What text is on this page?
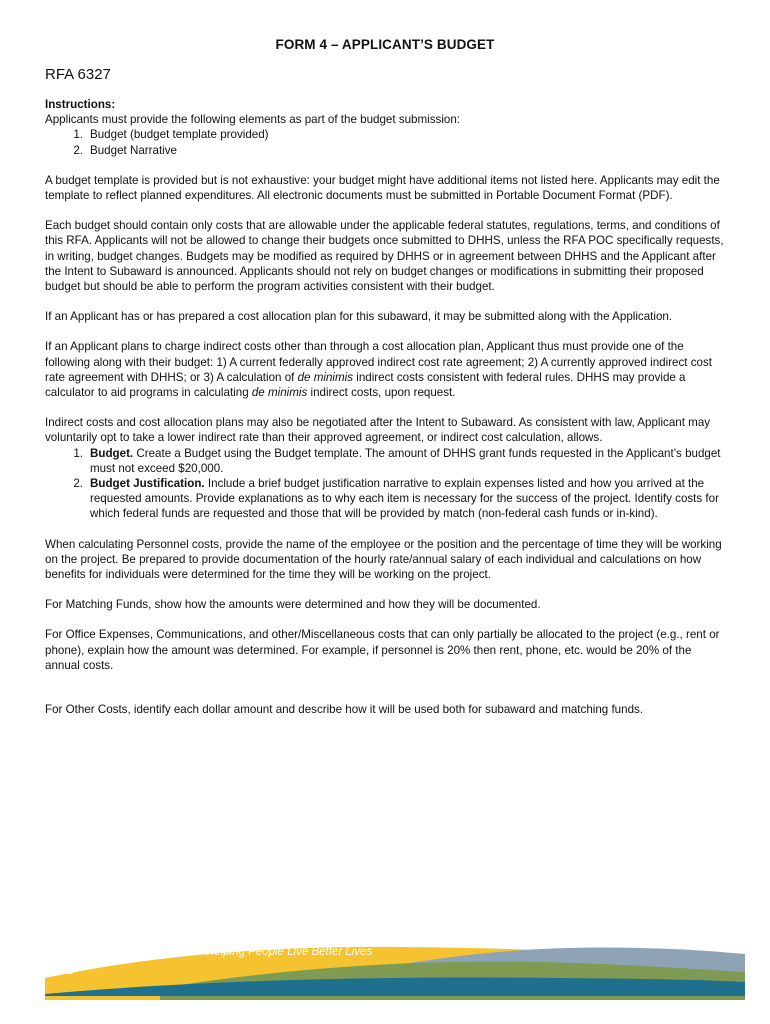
FORM 4 – APPLICANT’S BUDGET
RFA 6327

Instructions:

Applicants must provide the following elements as part of the budget submission:

1. Budget (budget template provided)
2. Budget Narrative

A budget template is provided but is not exhaustive: your budget might have additional items not listed here. Applicants may edit the template to reflect planned expenditures. All electronic documents must be submitted in Portable Document Format (PDF).

Each budget should contain only costs that are allowable under the applicable federal statutes, regulations, terms, and conditions of this RFA. Applicants will not be allowed to change their budgets once submitted to DHHS, unless the RFA POC specifically requests, in writing, budget changes. Budgets may be modified as required by DHHS or in agreement between DHHS and the Applicant after the Intent to Subaward is announced. Applicants should not rely on budget changes or modifications in submitting their proposed budget but should be able to perform the program activities consistent with their budget.

If an Applicant has or has prepared a cost allocation plan for this subaward, it may be submitted along with the Application.

If an Applicant plans to charge indirect costs other than through a cost allocation plan, Applicant thus must provide one of the following along with their budget: 1) A current federally approved indirect cost rate agreement; 2) A currently approved indirect cost rate agreement with DHHS; or 3) A calculation of de minimis indirect costs consistent with federal rules. DHHS may provide a calculator to aid programs in calculating de minimis indirect costs, upon request.

Indirect costs and cost allocation plans may also be negotiated after the Intent to Subaward. As consistent with law, Applicant may voluntarily opt to take a lower indirect rate than their approved agreement, or indirect cost calculation, allows.

1. Budget. Create a Budget using the Budget template. The amount of DHHS grant funds requested in the Applicant’s budget must not exceed $20,000.
2. Budget Justification. Include a brief budget justification narrative to explain expenses listed and how you arrived at the requested amounts. Provide explanations as to why each item is necessary for the success of the project. Identify costs for which federal funds are requested and those that will be provided by match (non-federal cash funds or in-kind).

When calculating Personnel costs, provide the name of the employee or the position and the percentage of time they will be working on the project. Be prepared to provide documentation of the hourly rate/annual salary of each individual and calculations on how benefits for individuals were determined for the time they will be working on the project.

For Matching Funds, show how the amounts were determined and how they will be documented.

For Office Expenses, Communications, and other/Miscellaneous costs that can only partially be allocated to the project (e.g., rent or phone), explain how the amount was determined. For example, if personnel is 20% then rent, phone, etc. would be 20% of the annual costs.

For Other Costs, identify each dollar amount and describe how it will be used both for subaward and matching funds.

Helping People Live Better Lives
2023
